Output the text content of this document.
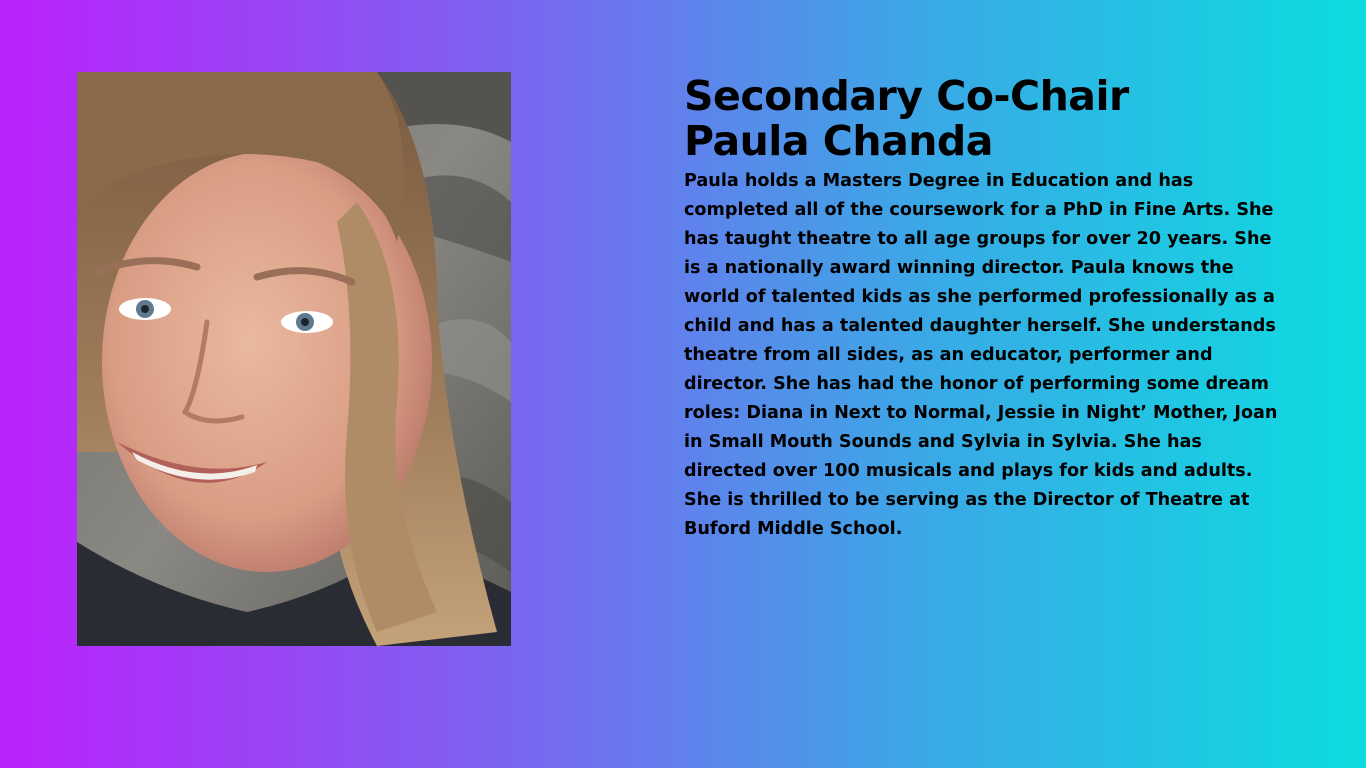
Secondary Co-Chair
Paula Chanda

Paula holds a Masters Degree in Education and has completed all of the coursework for a PhD in Fine Arts. She has taught theatre to all age groups for over 20 years. She is a nationally award winning director. Paula knows the world of talented kids as she performed professionally as a child and has a talented daughter herself. She understands theatre from all sides, as an educator, performer and director. She has had the honor of performing some dream roles: Diana in Next to Normal, Jessie in Night’ Mother, Joan in Small Mouth Sounds and Sylvia in Sylvia. She has directed over 100 musicals and plays for kids and adults. She is thrilled to be serving as the Director of Theatre at Buford Middle School.
